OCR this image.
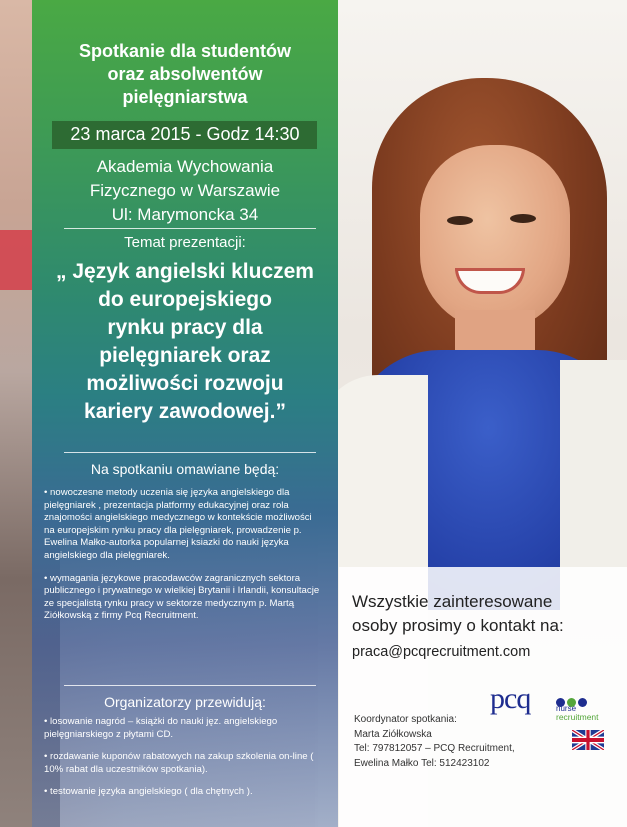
Spotkanie dla studentów
oraz absolwentów
pielęgniarstwa
23 marca 2015 - Godz 14:30
Akademia Wychowania
Fizycznego w Warszawie
Ul: Marymoncka 34
Temat prezentacji:
„ Język angielski kluczem
do europejskiego
rynku pracy dla
pielęgniarek oraz
możliwości rozwoju
kariery zawodowej.”
Na spotkaniu omawiane będą:

• nowoczesne metody uczenia się języka angielskiego dla pielęgniarek , prezentacja platformy edukacyjnej oraz rola znajomości angielskiego medycznego w kontekście możliwości na europejskim rynku pracy dla pielęgniarek, prowadzenie p. Ewelina Małko-autorka popularnej ksiazki do nauki języka angielskiego dla pielęgniarek.

• wymagania językowe pracodawców zagranicznych sektora publicznego i prywatnego w wielkiej Brytanii i Irlandii, konsultacje ze specjalistą rynku pracy w sektorze medycznym p. Martą Ziółkowską z firmy Pcq Recruitment.

Organizatorzy przewidują:

• losowanie nagród – książki do nauki jęz. angielskiego pielęgniarskiego z płytami CD.

• rozdawanie kuponów rabatowych na zakup szkolenia on-line ( 10% rabat dla uczestników spotkania).

• testowanie języka angielskiego ( dla chętnych ).

Wszystkie zainteresowane
osoby prosimy o kontakt na:
praca@pcqrecruitment.com
pcq	nurse
recruitment
Koordynator spotkania:
Marta Ziółkowska
Tel: 797812057 – PCQ Recruitment,
Ewelina Małko Tel: 512423102
